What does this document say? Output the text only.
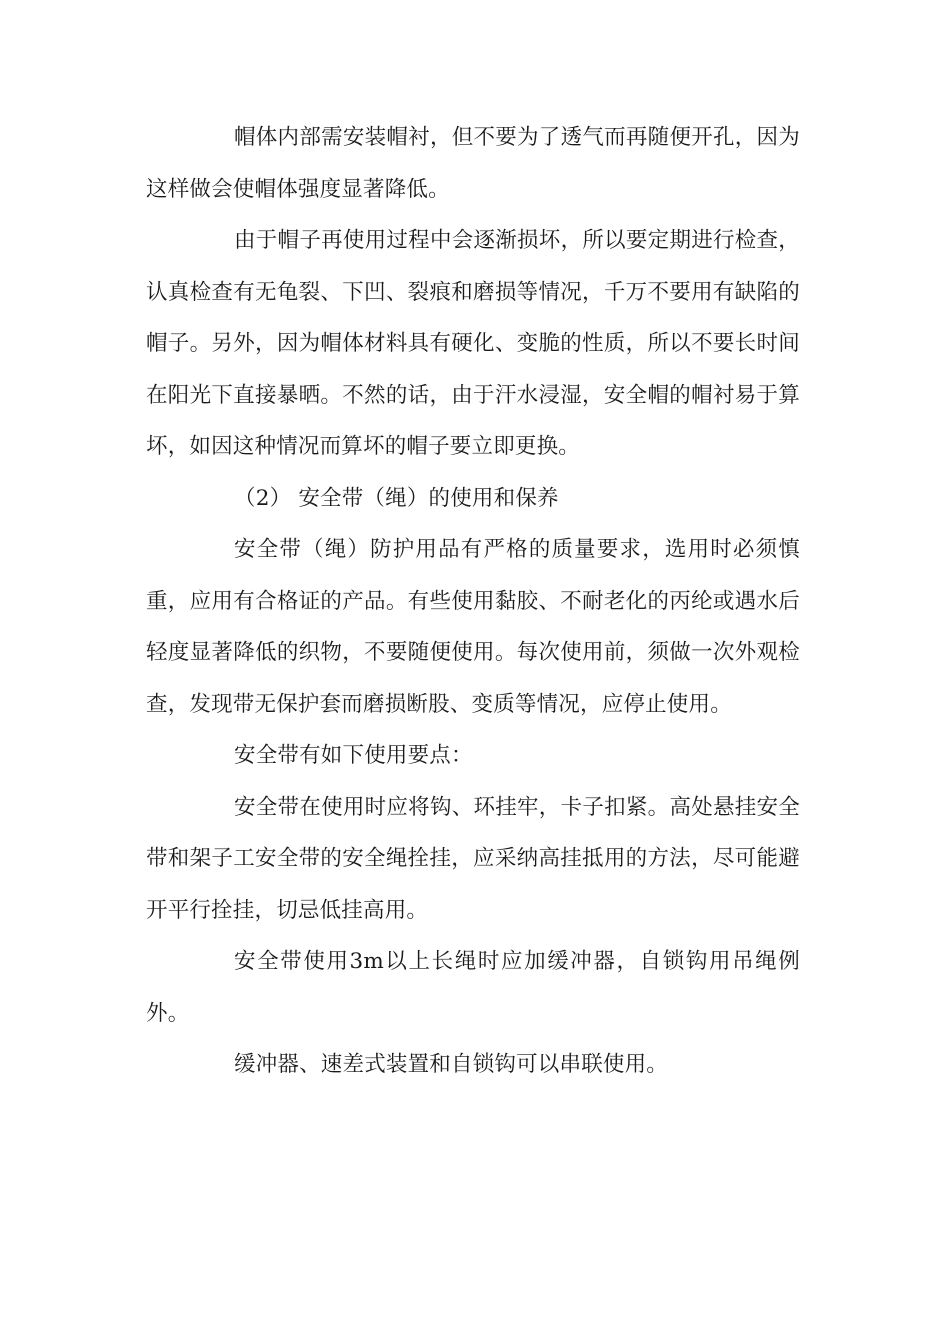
帽体内部需安装帽衬，但不要为了透气而再随便开孔，因为这样做会使帽体强度显著降低。

由于帽子再使用过程中会逐渐损坏，所以要定期进行检查，认真检查有无龟裂、下凹、裂痕和磨损等情况，千万不要用有缺陷的帽子。另外，因为帽体材料具有硬化、变脆的性质，所以不要长时间在阳光下直接暴晒。不然的话，由于汗水浸湿，安全帽的帽衬易于算坏，如因这种情况而算坏的帽子要立即更换。

（2） 安全带（绳）的使用和保养

安全带（绳）防护用品有严格的质量要求，选用时必须慎重，应用有合格证的产品。有些使用黏胶、不耐老化的丙纶或遇水后轻度显著降低的织物，不要随便使用。每次使用前，须做一次外观检查，发现带无保护套而磨损断股、变质等情况，应停止使用。

安全带有如下使用要点：

安全带在使用时应将钩、环挂牢，卡子扣紧。高处悬挂安全带和架子工安全带的安全绳拴挂，应采纳高挂抵用的方法，尽可能避开平行拴挂，切忌低挂高用。

安全带使用3m以上长绳时应加缓冲器，自锁钩用吊绳例外。

缓冲器、速差式装置和自锁钩可以串联使用。
